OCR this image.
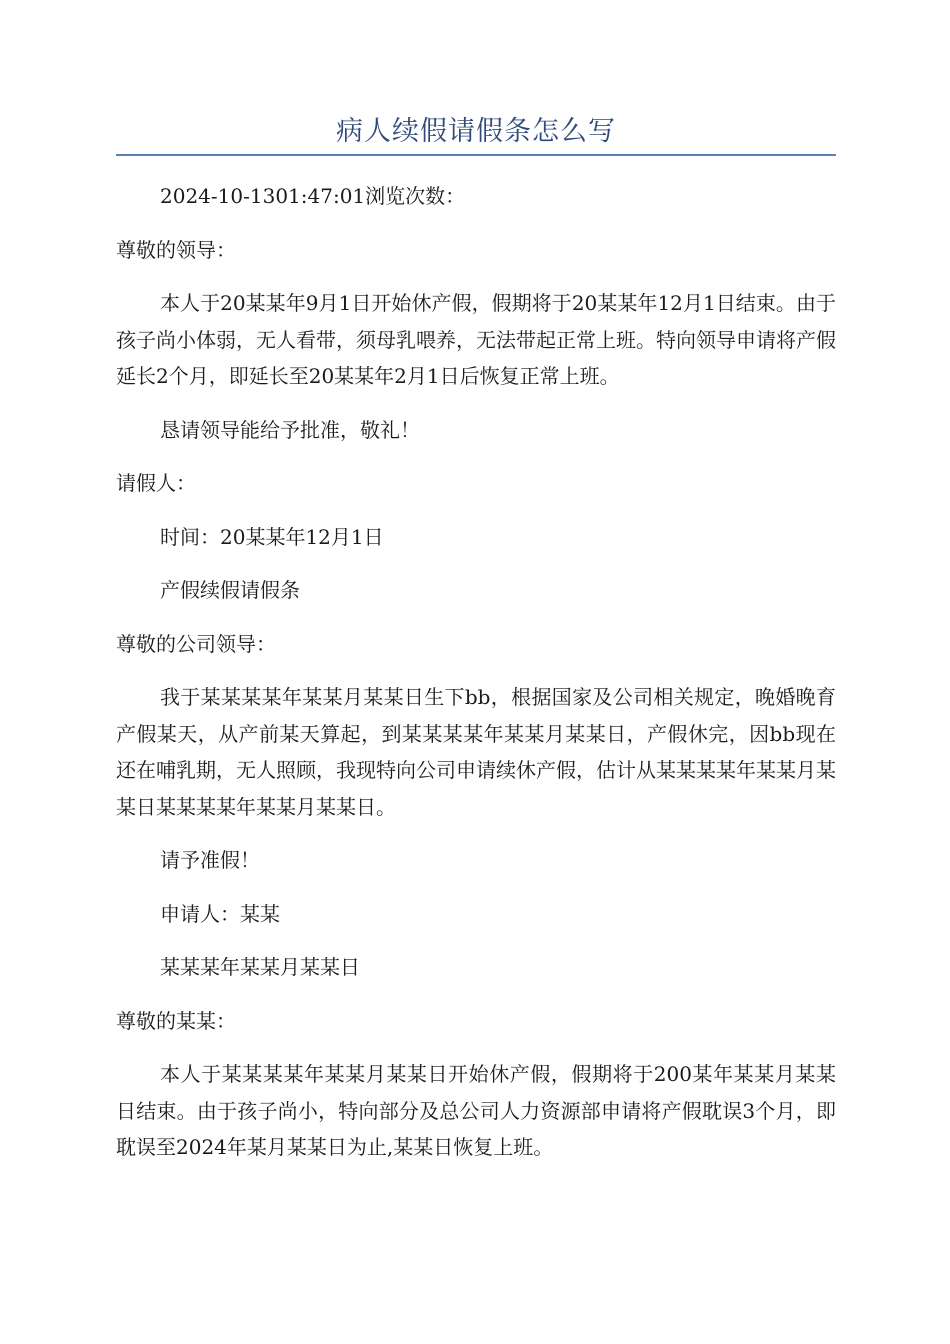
病人续假请假条怎么写

2024-10-1301:47:01浏览次数：

尊敬的领导：

本人于20某某年9月1日开始休产假，假期将于20某某年12月1日结束。由于孩子尚小体弱，无人看带，须母乳喂养，无法带起正常上班。特向领导申请将产假延长2个月，即延长至20某某年2月1日后恢复正常上班。

恳请领导能给予批准，敬礼！

请假人：

时间：20某某年12月1日

产假续假请假条

尊敬的公司领导：

我于某某某某年某某月某某日生下bb，根据国家及公司相关规定，晚婚晚育产假某天，从产前某天算起，到某某某某年某某月某某日，产假休完，因bb现在还在哺乳期，无人照顾，我现特向公司申请续休产假，估计从某某某某年某某月某某日某某某某年某某月某某日。

请予准假！

申请人：某某

某某某年某某月某某日

尊敬的某某：

本人于某某某某年某某月某某日开始休产假，假期将于200某年某某月某某日结束。由于孩子尚小，特向部分及总公司人力资源部申请将产假耽误3个月，即耽误至2024年某月某某日为止,某某日恢复上班。
